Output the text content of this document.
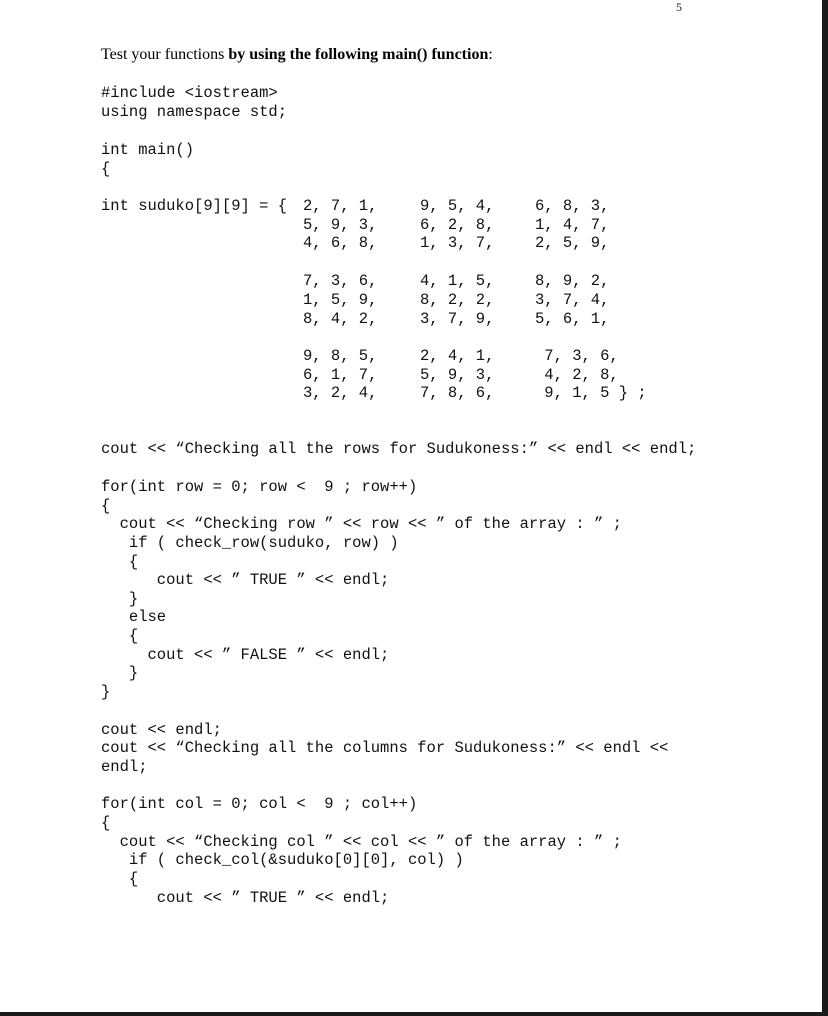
5
Test your functions by using the following main() function:
#include <iostream>
using namespace std;
int main()
{
int suduko[9][9] = { 2, 7, 1,	9, 5, 4,	6, 8, 3,
5, 9, 3,	6, 2, 8,	1, 4, 7,
4, 6, 8,	1, 3, 7,	2, 5, 9,
7, 3, 6,	4, 1, 5,	8, 9, 2,
1, 5, 9,	8, 2, 2,	3, 7, 4,
8, 4, 2,	3, 7, 9,	5, 6, 1,
9, 8, 5,	2, 4, 1,	7, 3, 6,
6, 1, 7,	5, 9, 3,	4, 2, 8,
3, 2, 4,	7, 8, 6,	9, 1, 5 } ;
cout << “Checking all the rows for Sudukoness:” << endl << endl;
for(int row = 0; row <  9 ; row++)
{
cout << “Checking row ” << row << ” of the array : ” ;
if ( check_row(suduko, row) )
{
cout << ” TRUE ” << endl;
}
else
{
cout << ” FALSE ” << endl;
}
}
cout << endl;
cout << “Checking all the columns for Sudukoness:” << endl <<
endl;
for(int col = 0; col <  9 ; col++)
{
cout << “Checking col ” << col << ” of the array : ” ;
if ( check_col(&suduko[0][0], col) )
{
cout << ” TRUE ” << endl;
